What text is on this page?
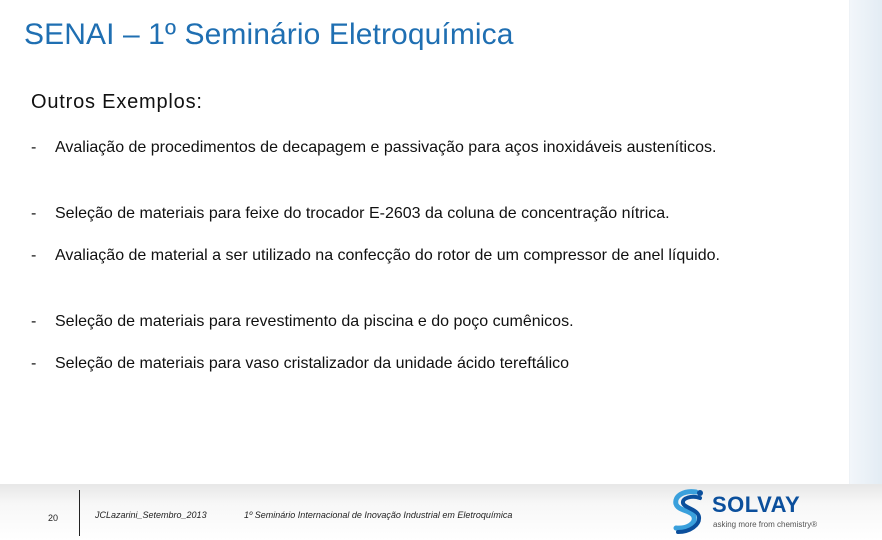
SENAI – 1º Seminário Eletroquímica
Outros Exemplos:
- Avaliação de procedimentos de decapagem e passivação para aços inoxidáveis austeníticos.
- Seleção de materiais para feixe do trocador E-2603 da coluna de concentração nítrica.
- Avaliação de material a ser utilizado na confecção do rotor de um compressor de anel líquido.
- Seleção de materiais para revestimento da piscina e do poço cumênicos.
- Seleção de materiais para vaso cristalizador da unidade ácido tereftálico
20	JCLazarini_Setembro_2013	1º Seminário Internacional de Inovação Industrial em Eletroquímica	SOLVAY
asking more from chemistry®
